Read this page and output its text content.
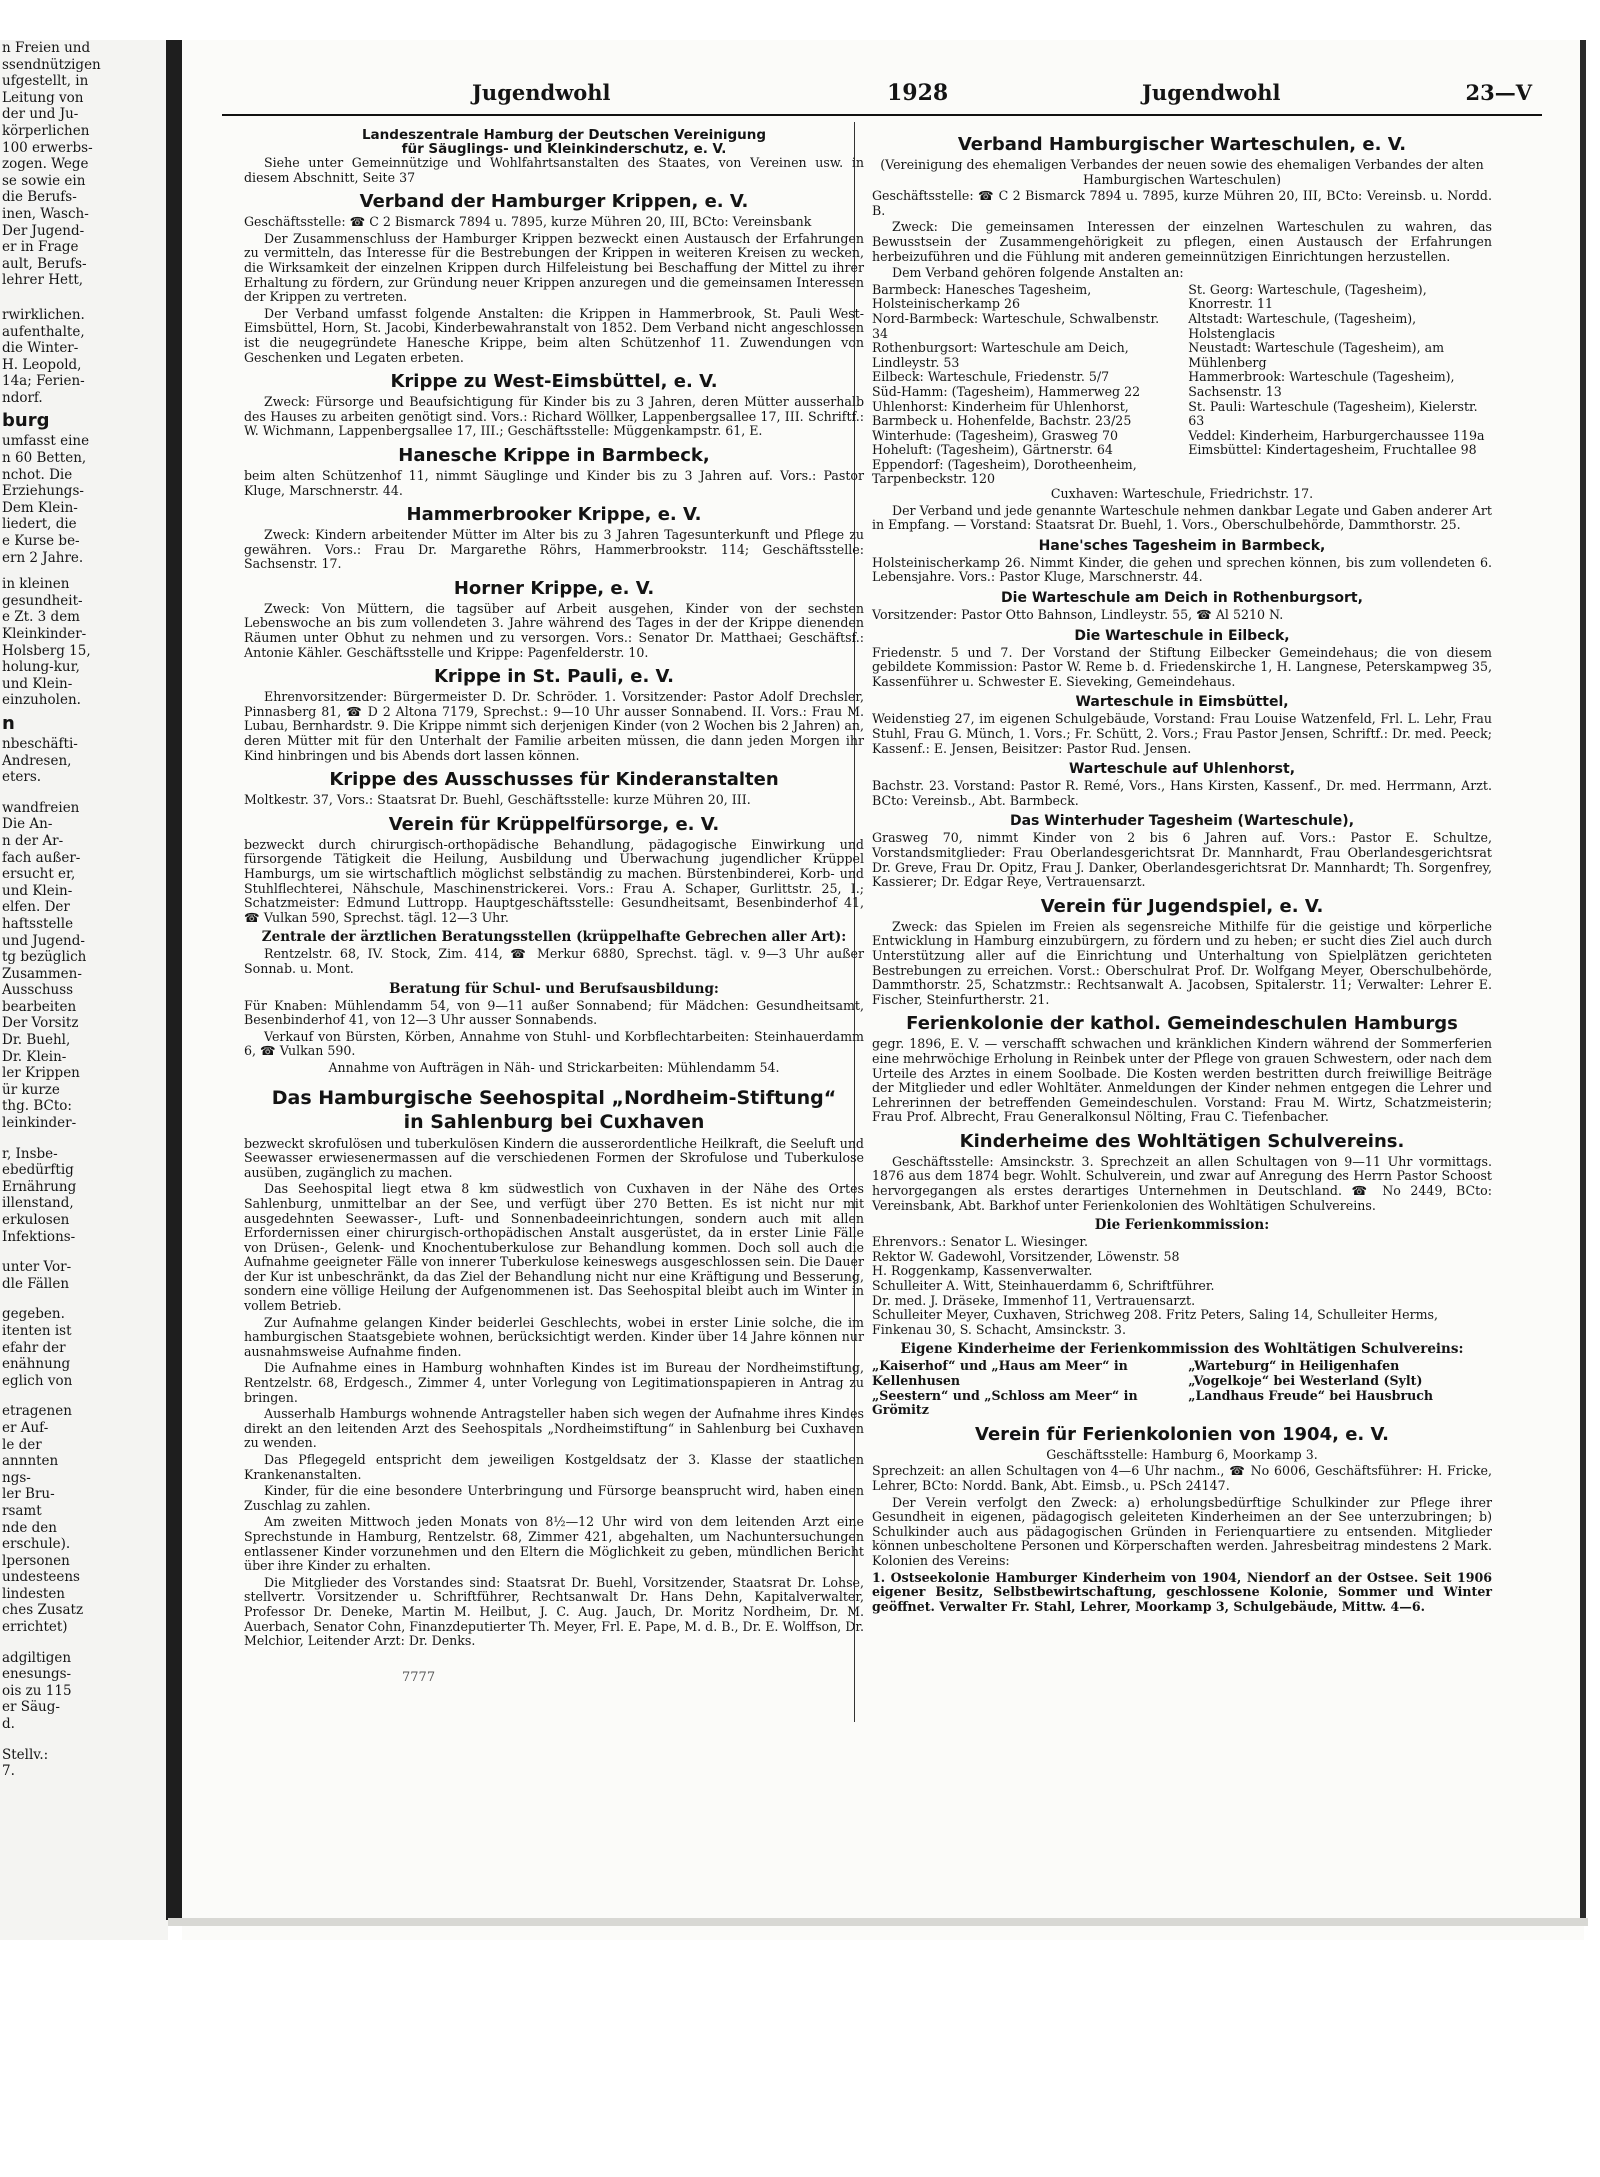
n Freien und
ssendnützigen
ufgestellt, in
Leitung von
der und Ju-
körperlichen
100 erwerbs-
zogen. Wege
se sowie ein
die Berufs-
inen, Wasch-
Der Jugend-
er in Frage
ault, Berufs-
lehrer Hett,
rwirklichen.
aufenthalte,
die Winter-
H. Leopold,
14a; Ferien-
ndorf.
burg
umfasst eine
n 60 Betten,
nchot. Die
Erziehungs-
Dem Klein-
liedert, die
e Kurse be-
ern 2 Jahre.
in kleinen
gesundheit-
e Zt. 3 dem
Kleinkinder-
Holsberg 15,
holung-kur,
und Klein-
einzuholen.
n
nbeschäfti-
Andresen,
eters.
wandfreien
Die An-
n der Ar-
fach außer-
ersucht er,
und Klein-
elfen. Der
haftsstelle
und Jugend-
tg bezüglich
Zusammen-
Ausschuss
bearbeiten
Der Vorsitz
Dr. Buehl,
Dr. Klein-
ler Krippen
ür kurze
thg. BCto:
leinkinder-
r, Insbe-
ebedürftig
Ernährung
illenstand,
erkulosen
Infektions-
unter Vor-
dle Fällen
gegeben.
itenten ist
efahr der
enähnung
eglich von
etragenen
er Auf-
le der
annnten
ngs-
ler Bru-
rsamt
nde den
erschule).
lpersonen
undesteens
lindesten
ches Zusatz
errichtet)
adgiltigen
enesungs-
ois zu 115
er Säug-
d.
Stellv.:
7.
Jugendwohl	1928	Jugendwohl	23—V

Landeszentrale Hamburg der Deutschen Vereinigung

für Säuglings- und Kleinkinderschutz, e. V.

Siehe unter Gemeinnützige und Wohlfahrtsanstalten des Staates, von Vereinen usw. in diesem Abschnitt, Seite 37

Verband der Hamburger Krippen, e. V.

Geschäftsstelle: ☎ C 2 Bismarck 7894 u. 7895, kurze Mühren 20, III, BCto: Vereinsbank

Der Zusammenschluss der Hamburger Krippen bezweckt einen Austausch der Erfahrungen zu vermitteln, das Interesse für die Bestrebungen der Krippen in weiteren Kreisen zu wecken, die Wirksamkeit der einzelnen Krippen durch Hilfeleistung bei Beschaffung der Mittel zu ihrer Erhaltung zu fördern, zur Gründung neuer Krippen anzuregen und die gemeinsamen Interessen der Krippen zu vertreten.

Der Verband umfasst folgende Anstalten: die Krippen in Hammerbrook, St. Pauli West-Eimsbüttel, Horn, St. Jacobi, Kinderbewahranstalt von 1852. Dem Verband nicht angeschlossen ist die neugegründete Hanesche Krippe, beim alten Schützenhof 11. Zuwendungen von Geschenken und Legaten erbeten.

Krippe zu West-Eimsbüttel, e. V.

Zweck: Fürsorge und Beaufsichtigung für Kinder bis zu 3 Jahren, deren Mütter ausserhalb des Hauses zu arbeiten genötigt sind. Vors.: Richard Wöllker, Lappenbergsallee 17, III. Schriftf.: W. Wichmann, Lappenbergsallee 17, III.; Geschäftsstelle: Müggenkampstr. 61, E.

Hanesche Krippe in Barmbeck,

beim alten Schützenhof 11, nimmt Säuglinge und Kinder bis zu 3 Jahren auf. Vors.: Pastor Kluge, Marschnerstr. 44.

Hammerbrooker Krippe, e. V.

Zweck: Kindern arbeitender Mütter im Alter bis zu 3 Jahren Tagesunterkunft und Pflege zu gewähren. Vors.: Frau Dr. Margarethe Röhrs, Hammerbrookstr. 114; Geschäftsstelle: Sachsenstr. 17.

Horner Krippe, e. V.

Zweck: Von Müttern, die tagsüber auf Arbeit ausgehen, Kinder von der sechsten Lebenswoche an bis zum vollendeten 3. Jahre während des Tages in der der Krippe dienenden Räumen unter Obhut zu nehmen und zu versorgen. Vors.: Senator Dr. Matthaei; Geschäftsf.: Antonie Kähler. Geschäftsstelle und Krippe: Pagenfelderstr. 10.

Krippe in St. Pauli, e. V.

Ehrenvorsitzender: Bürgermeister D. Dr. Schröder. 1. Vorsitzender: Pastor Adolf Drechsler, Pinnasberg 81, ☎ D 2 Altona 7179, Sprechst.: 9—10 Uhr ausser Sonnabend. II. Vors.: Frau M. Lubau, Bernhardstr. 9. Die Krippe nimmt sich derjenigen Kinder (von 2 Wochen bis 2 Jahren) an, deren Mütter mit für den Unterhalt der Familie arbeiten müssen, die dann jeden Morgen ihr Kind hinbringen und bis Abends dort lassen können.

Krippe des Ausschusses für Kinderanstalten

Moltkestr. 37, Vors.: Staatsrat Dr. Buehl, Geschäftsstelle: kurze Mühren 20, III.

Verein für Krüppelfürsorge, e. V.

bezweckt durch chirurgisch-orthopädische Behandlung, pädagogische Einwirkung und fürsorgende Tätigkeit die Heilung, Ausbildung und Überwachung jugendlicher Krüppel Hamburgs, um sie wirtschaftlich möglichst selbständig zu machen. Bürstenbinderei, Korb- und Stuhlflechterei, Nähschule, Maschinenstrickerei. Vors.: Frau A. Schaper, Gurlittstr. 25, I.; Schatzmeister: Edmund Luttropp. Hauptgeschäftsstelle: Gesundheitsamt, Besenbinderhof 41, ☎ Vulkan 590, Sprechst. tägl. 12—3 Uhr.

Zentrale der ärztlichen Beratungsstellen (krüppelhafte Gebrechen aller Art):

Rentzelstr. 68, IV. Stock, Zim. 414, ☎ Merkur 6880, Sprechst. tägl. v. 9—3 Uhr außer Sonnab. u. Mont.

Beratung für Schul- und Berufsausbildung:

Für Knaben: Mühlendamm 54, von 9—11 außer Sonnabend; für Mädchen: Gesundheitsamt, Besenbinderhof 41, von 12—3 Uhr ausser Sonnabends.

Verkauf von Bürsten, Körben, Annahme von Stuhl- und Korbflechtarbeiten: Steinhauerdamm 6, ☎ Vulkan 590.

Annahme von Aufträgen in Näh- und Strickarbeiten: Mühlendamm 54.

Das Hamburgische Seehospital „Nordheim-Stiftung“
in Sahlenburg bei Cuxhaven

bezweckt skrofulösen und tuberkulösen Kindern die ausserordentliche Heilkraft, die Seeluft und Seewasser erwiesenermassen auf die verschiedenen Formen der Skrofulose und Tuberkulose ausüben, zugänglich zu machen.

Das Seehospital liegt etwa 8 km südwestlich von Cuxhaven in der Nähe des Ortes Sahlenburg, unmittelbar an der See, und verfügt über 270 Betten. Es ist nicht nur mit ausgedehnten Seewasser-, Luft- und Sonnenbadeeinrichtungen, sondern auch mit allen Erfordernissen einer chirurgisch-orthopädischen Anstalt ausgerüstet, da in erster Linie Fälle von Drüsen-, Gelenk- und Knochentuberkulose zur Behandlung kommen. Doch soll auch die Aufnahme geeigneter Fälle von innerer Tuberkulose keineswegs ausgeschlossen sein. Die Dauer der Kur ist unbeschränkt, da das Ziel der Behandlung nicht nur eine Kräftigung und Besserung, sondern eine völlige Heilung der Aufgenommenen ist. Das Seehospital bleibt auch im Winter in vollem Betrieb.

Zur Aufnahme gelangen Kinder beiderlei Geschlechts, wobei in erster Linie solche, die im hamburgischen Staatsgebiete wohnen, berücksichtigt werden. Kinder über 14 Jahre können nur ausnahmsweise Aufnahme finden.

Die Aufnahme eines in Hamburg wohnhaften Kindes ist im Bureau der Nordheimstiftung, Rentzelstr. 68, Erdgesch., Zimmer 4, unter Vorlegung von Legitimationspapieren in Antrag zu bringen.

Ausserhalb Hamburgs wohnende Antragsteller haben sich wegen der Aufnahme ihres Kindes direkt an den leitenden Arzt des Seehospitals „Nordheimstiftung“ in Sahlenburg bei Cuxhaven zu wenden.

Das Pflegegeld entspricht dem jeweiligen Kostgeldsatz der 3. Klasse der staatlichen Krankenanstalten.

Kinder, für die eine besondere Unterbringung und Fürsorge beansprucht wird, haben einen Zuschlag zu zahlen.

Am zweiten Mittwoch jeden Monats von 8½—12 Uhr wird von dem leitenden Arzt eine Sprechstunde in Hamburg, Rentzelstr. 68, Zimmer 421, abgehalten, um Nachuntersuchungen entlassener Kinder vorzunehmen und den Eltern die Möglichkeit zu geben, mündlichen Bericht über ihre Kinder zu erhalten.

Die Mitglieder des Vorstandes sind: Staatsrat Dr. Buehl, Vorsitzender, Staatsrat Dr. Lohse, stellvertr. Vorsitzender u. Schriftführer, Rechtsanwalt Dr. Hans Dehn, Kapitalverwalter, Professor Dr. Deneke, Martin M. Heilbut, J. C. Aug. Jauch, Dr. Moritz Nordheim, Dr. M. Auerbach, Senator Cohn, Finanzdeputierter Th. Meyer, Frl. E. Pape, M. d. B., Dr. E. Wolffson, Dr. Melchior, Leitender Arzt: Dr. Denks.

Verband Hamburgischer Warteschulen, e. V.

(Vereinigung des ehemaligen Verbandes der neuen sowie des ehemaligen Verbandes der alten Hamburgischen Warteschulen)

Geschäftsstelle: ☎ C 2 Bismarck 7894 u. 7895, kurze Mühren 20, III, BCto: Vereinsb. u. Nordd. B.

Zweck: Die gemeinsamen Interessen der einzelnen Warteschulen zu wahren, das Bewusstsein der Zusammengehörigkeit zu pflegen, einen Austausch der Erfahrungen herbeizuführen und die Fühlung mit anderen gemeinnützigen Einrichtungen herzustellen.

Dem Verband gehören folgende Anstalten an:

Barmbeck: Hanesches Tagesheim, Holsteinischerkamp 26
Nord-Barmbeck: Warteschule, Schwalbenstr. 34
Rothenburgsort: Warteschule am Deich, Lindleystr. 53
Eilbeck: Warteschule, Friedenstr. 5/7
Süd-Hamm: (Tagesheim), Hammerweg 22
Uhlenhorst: Kinderheim für Uhlenhorst, Barmbeck u. Hohenfelde, Bachstr. 23/25
Winterhude: (Tagesheim), Grasweg 70
Hoheluft: (Tagesheim), Gärtnerstr. 64
Eppendorf: (Tagesheim), Dorotheenheim, Tarpenbeckstr. 120
St. Georg: Warteschule, (Tagesheim), Knorrestr. 11
Altstadt: Warteschule, (Tagesheim), Holstenglacis
Neustadt: Warteschule (Tagesheim), am Mühlenberg
Hammerbrook: Warteschule (Tagesheim), Sachsenstr. 13
St. Pauli: Warteschule (Tagesheim), Kielerstr. 63
Veddel: Kinderheim, Harburgerchaussee 119a
Eimsbüttel: Kindertagesheim, Fruchtallee 98

Cuxhaven: Warteschule, Friedrichstr. 17.

Der Verband und jede genannte Warteschule nehmen dankbar Legate und Gaben anderer Art in Empfang. — Vorstand: Staatsrat Dr. Buehl, 1. Vors., Oberschulbehörde, Dammthorstr. 25.

Hane'sches Tagesheim in Barmbeck,

Holsteinischerkamp 26. Nimmt Kinder, die gehen und sprechen können, bis zum vollendeten 6. Lebensjahre. Vors.: Pastor Kluge, Marschnerstr. 44.

Die Warteschule am Deich in Rothenburgsort,

Vorsitzender: Pastor Otto Bahnson, Lindleystr. 55, ☎ Al 5210 N.

Die Warteschule in Eilbeck,

Friedenstr. 5 und 7. Der Vorstand der Stiftung Eilbecker Gemeindehaus; die von diesem gebildete Kommission: Pastor W. Reme b. d. Friedenskirche 1, H. Langnese, Peterskampweg 35, Kassenführer u. Schwester E. Sieveking, Gemeindehaus.

Warteschule in Eimsbüttel,

Weidenstieg 27, im eigenen Schulgebäude, Vorstand: Frau Louise Watzenfeld, Frl. L. Lehr, Frau Stuhl, Frau G. Münch, 1. Vors.; Fr. Schütt, 2. Vors.; Frau Pastor Jensen, Schriftf.: Dr. med. Peeck; Kassenf.: E. Jensen, Beisitzer: Pastor Rud. Jensen.

Warteschule auf Uhlenhorst,

Bachstr. 23. Vorstand: Pastor R. Remé, Vors., Hans Kirsten, Kassenf., Dr. med. Herrmann, Arzt. BCto: Vereinsb., Abt. Barmbeck.

Das Winterhuder Tagesheim (Warteschule),

Grasweg 70, nimmt Kinder von 2 bis 6 Jahren auf. Vors.: Pastor E. Schultze, Vorstandsmitglieder: Frau Oberlandesgerichtsrat Dr. Mannhardt, Frau Oberlandesgerichtsrat Dr. Greve, Frau Dr. Opitz, Frau J. Danker, Oberlandesgerichtsrat Dr. Mannhardt; Th. Sorgenfrey, Kassierer; Dr. Edgar Reye, Vertrauensarzt.

Verein für Jugendspiel, e. V.

Zweck: das Spielen im Freien als segensreiche Mithilfe für die geistige und körperliche Entwicklung in Hamburg einzubürgern, zu fördern und zu heben; er sucht dies Ziel auch durch Unterstützung aller auf die Einrichtung und Unterhaltung von Spielplätzen gerichteten Bestrebungen zu erreichen. Vorst.: Oberschulrat Prof. Dr. Wolfgang Meyer, Oberschulbehörde, Dammthorstr. 25, Schatzmstr.: Rechtsanwalt A. Jacobsen, Spitalerstr. 11; Verwalter: Lehrer E. Fischer, Steinfurtherstr. 21.

Ferienkolonie der kathol. Gemeindeschulen Hamburgs

gegr. 1896, E. V. — verschafft schwachen und kränklichen Kindern während der Sommerferien eine mehrwöchige Erholung in Reinbek unter der Pflege von grauen Schwestern, oder nach dem Urteile des Arztes in einem Soolbade. Die Kosten werden bestritten durch freiwillige Beiträge der Mitglieder und edler Wohltäter. Anmeldungen der Kinder nehmen entgegen die Lehrer und Lehrerinnen der betreffenden Gemeindeschulen. Vorstand: Frau M. Wirtz, Schatzmeisterin; Frau Prof. Albrecht, Frau Generalkonsul Nölting, Frau C. Tiefenbacher.

Kinderheime des Wohltätigen Schulvereins.

Geschäftsstelle: Amsinckstr. 3. Sprechzeit an allen Schultagen von 9—11 Uhr vormittags. 1876 aus dem 1874 begr. Wohlt. Schulverein, und zwar auf Anregung des Herrn Pastor Schoost hervorgegangen als erstes derartiges Unternehmen in Deutschland. ☎ No 2449, BCto: Vereinsbank, Abt. Barkhof unter Ferienkolonien des Wohltätigen Schulvereins.

Die Ferienkommission:
Ehrenvors.: Senator L. Wiesinger.
Rektor W. Gadewohl, Vorsitzender, Löwenstr. 58
H. Roggenkamp, Kassenverwalter.
Schulleiter A. Witt, Steinhauerdamm 6, Schriftführer.
Dr. med. J. Dräseke, Immenhof 11, Vertrauensarzt.
Schulleiter Meyer, Cuxhaven, Strichweg 208. Fritz Peters, Saling 14, Schulleiter Herms, Finkenau 30, S. Schacht, Amsinckstr. 3.
Eigene Kinderheime der Ferienkommission des Wohltätigen Schulvereins:
„Kaiserhof“ und „Haus am Meer“ in Kellenhusen
„Seestern“ und „Schloss am Meer“ in Grömitz
„Warteburg“ in Heiligenhafen
„Vogelkoje“ bei Westerland (Sylt)
„Landhaus Freude“ bei Hausbruch
Verein für Ferienkolonien von 1904, e. V.

Geschäftsstelle: Hamburg 6, Moorkamp 3.

Sprechzeit: an allen Schultagen von 4—6 Uhr nachm., ☎ No 6006, Geschäftsführer: H. Fricke, Lehrer, BCto: Nordd. Bank, Abt. Eimsb., u. PSch 24147.

Der Verein verfolgt den Zweck: a) erholungsbedürftige Schulkinder zur Pflege ihrer Gesundheit in eigenen, pädagogisch geleiteten Kinderheimen an der See unterzubringen; b) Schulkinder auch aus pädagogischen Gründen in Ferienquartiere zu entsenden. Mitglieder können unbescholtene Personen und Körperschaften werden. Jahresbeitrag mindestens 2 Mark. Kolonien des Vereins:

1. Ostseekolonie Hamburger Kinderheim von 1904, Niendorf an der Ostsee. Seit 1906 eigener Besitz, Selbstbewirtschaftung, geschlossene Kolonie, Sommer und Winter geöffnet. Verwalter Fr. Stahl, Lehrer, Moorkamp 3, Schulgebäude, Mittw. 4—6.

7777
